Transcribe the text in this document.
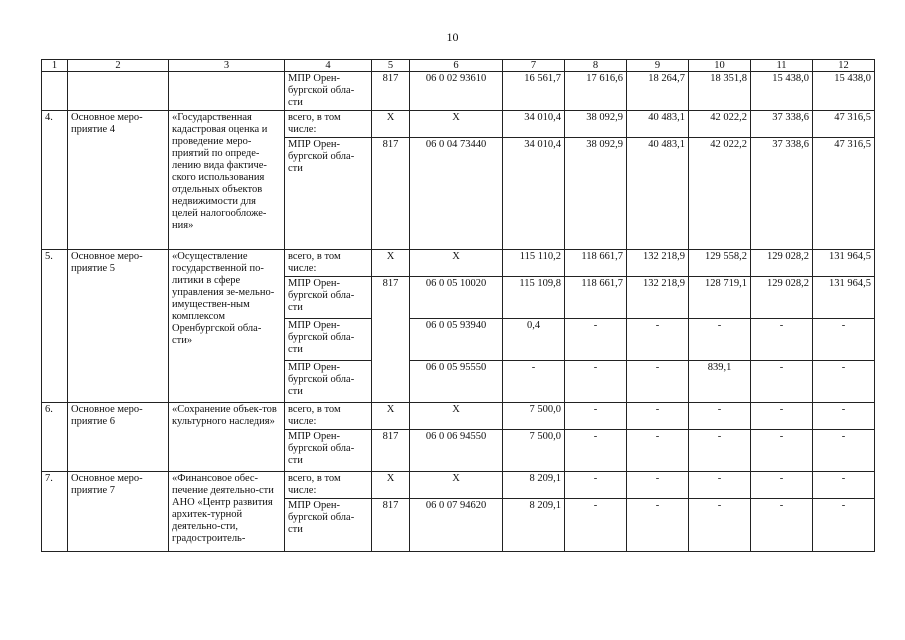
10
1	2	3	4	5	6	7	8	9	10	11	12
			МПР Орен-бургской обла-сти	817	06 0 02 93610	16 561,7	17 616,6	18 264,7	18 351,8	15 438,0	15 438,0
4.	Основное меро-приятие 4	«Государственная кадастровая оценка и проведение меро-приятий по опреде-лению вида фактиче-ского использования отдельных объектов недвижимости для целей налогообложе-ния»	всего, в том числе:	X	X	34 010,4	38 092,9	40 483,1	42 022,2	37 338,6	47 316,5
			МПР Орен-бургской обла-сти	817	06 0 04 73440	34 010,4	38 092,9	40 483,1	42 022,2	37 338,6	47 316,5
5.	Основное меро-приятие 5	«Осуществление государственной по-литики в сфере управления зе-мельно-имуществен-ным комплексом Оренбургской обла-сти»	всего, в том числе:	X	X	115 110,2	118 661,7	132 218,9	129 558,2	129 028,2	131 964,5
			МПР Орен-бургской обла-сти	817	06 0 05 10020	115 109,8	118 661,7	132 218,9	128 719,1	129 028,2	131 964,5
			МПР Орен-бургской обла-сти		06 0 05 93940	0,4	-	-	-	-	-
			МПР Орен-бургской обла-сти		06 0 05 95550	-	-	-	839,1	-	-
6.	Основное меро-приятие 6	«Сохранение объек-тов культурного наследия»	всего, в том числе:	X	X	7 500,0	-	-	-	-	-
			МПР Орен-бургской обла-сти	817	06 0 06 94550	7 500,0	-	-	-	-	-
7.	Основное меро-приятие 7	«Финансовое обес-печение деятельно-сти АНО «Центр развития архитек-турной деятельно-сти, градостроитель-	всего, в том числе:	X	X	8 209,1	-	-	-	-	-
			МПР Орен-бургской обла-сти	817	06 0 07 94620	8 209,1	-	-	-	-	-
